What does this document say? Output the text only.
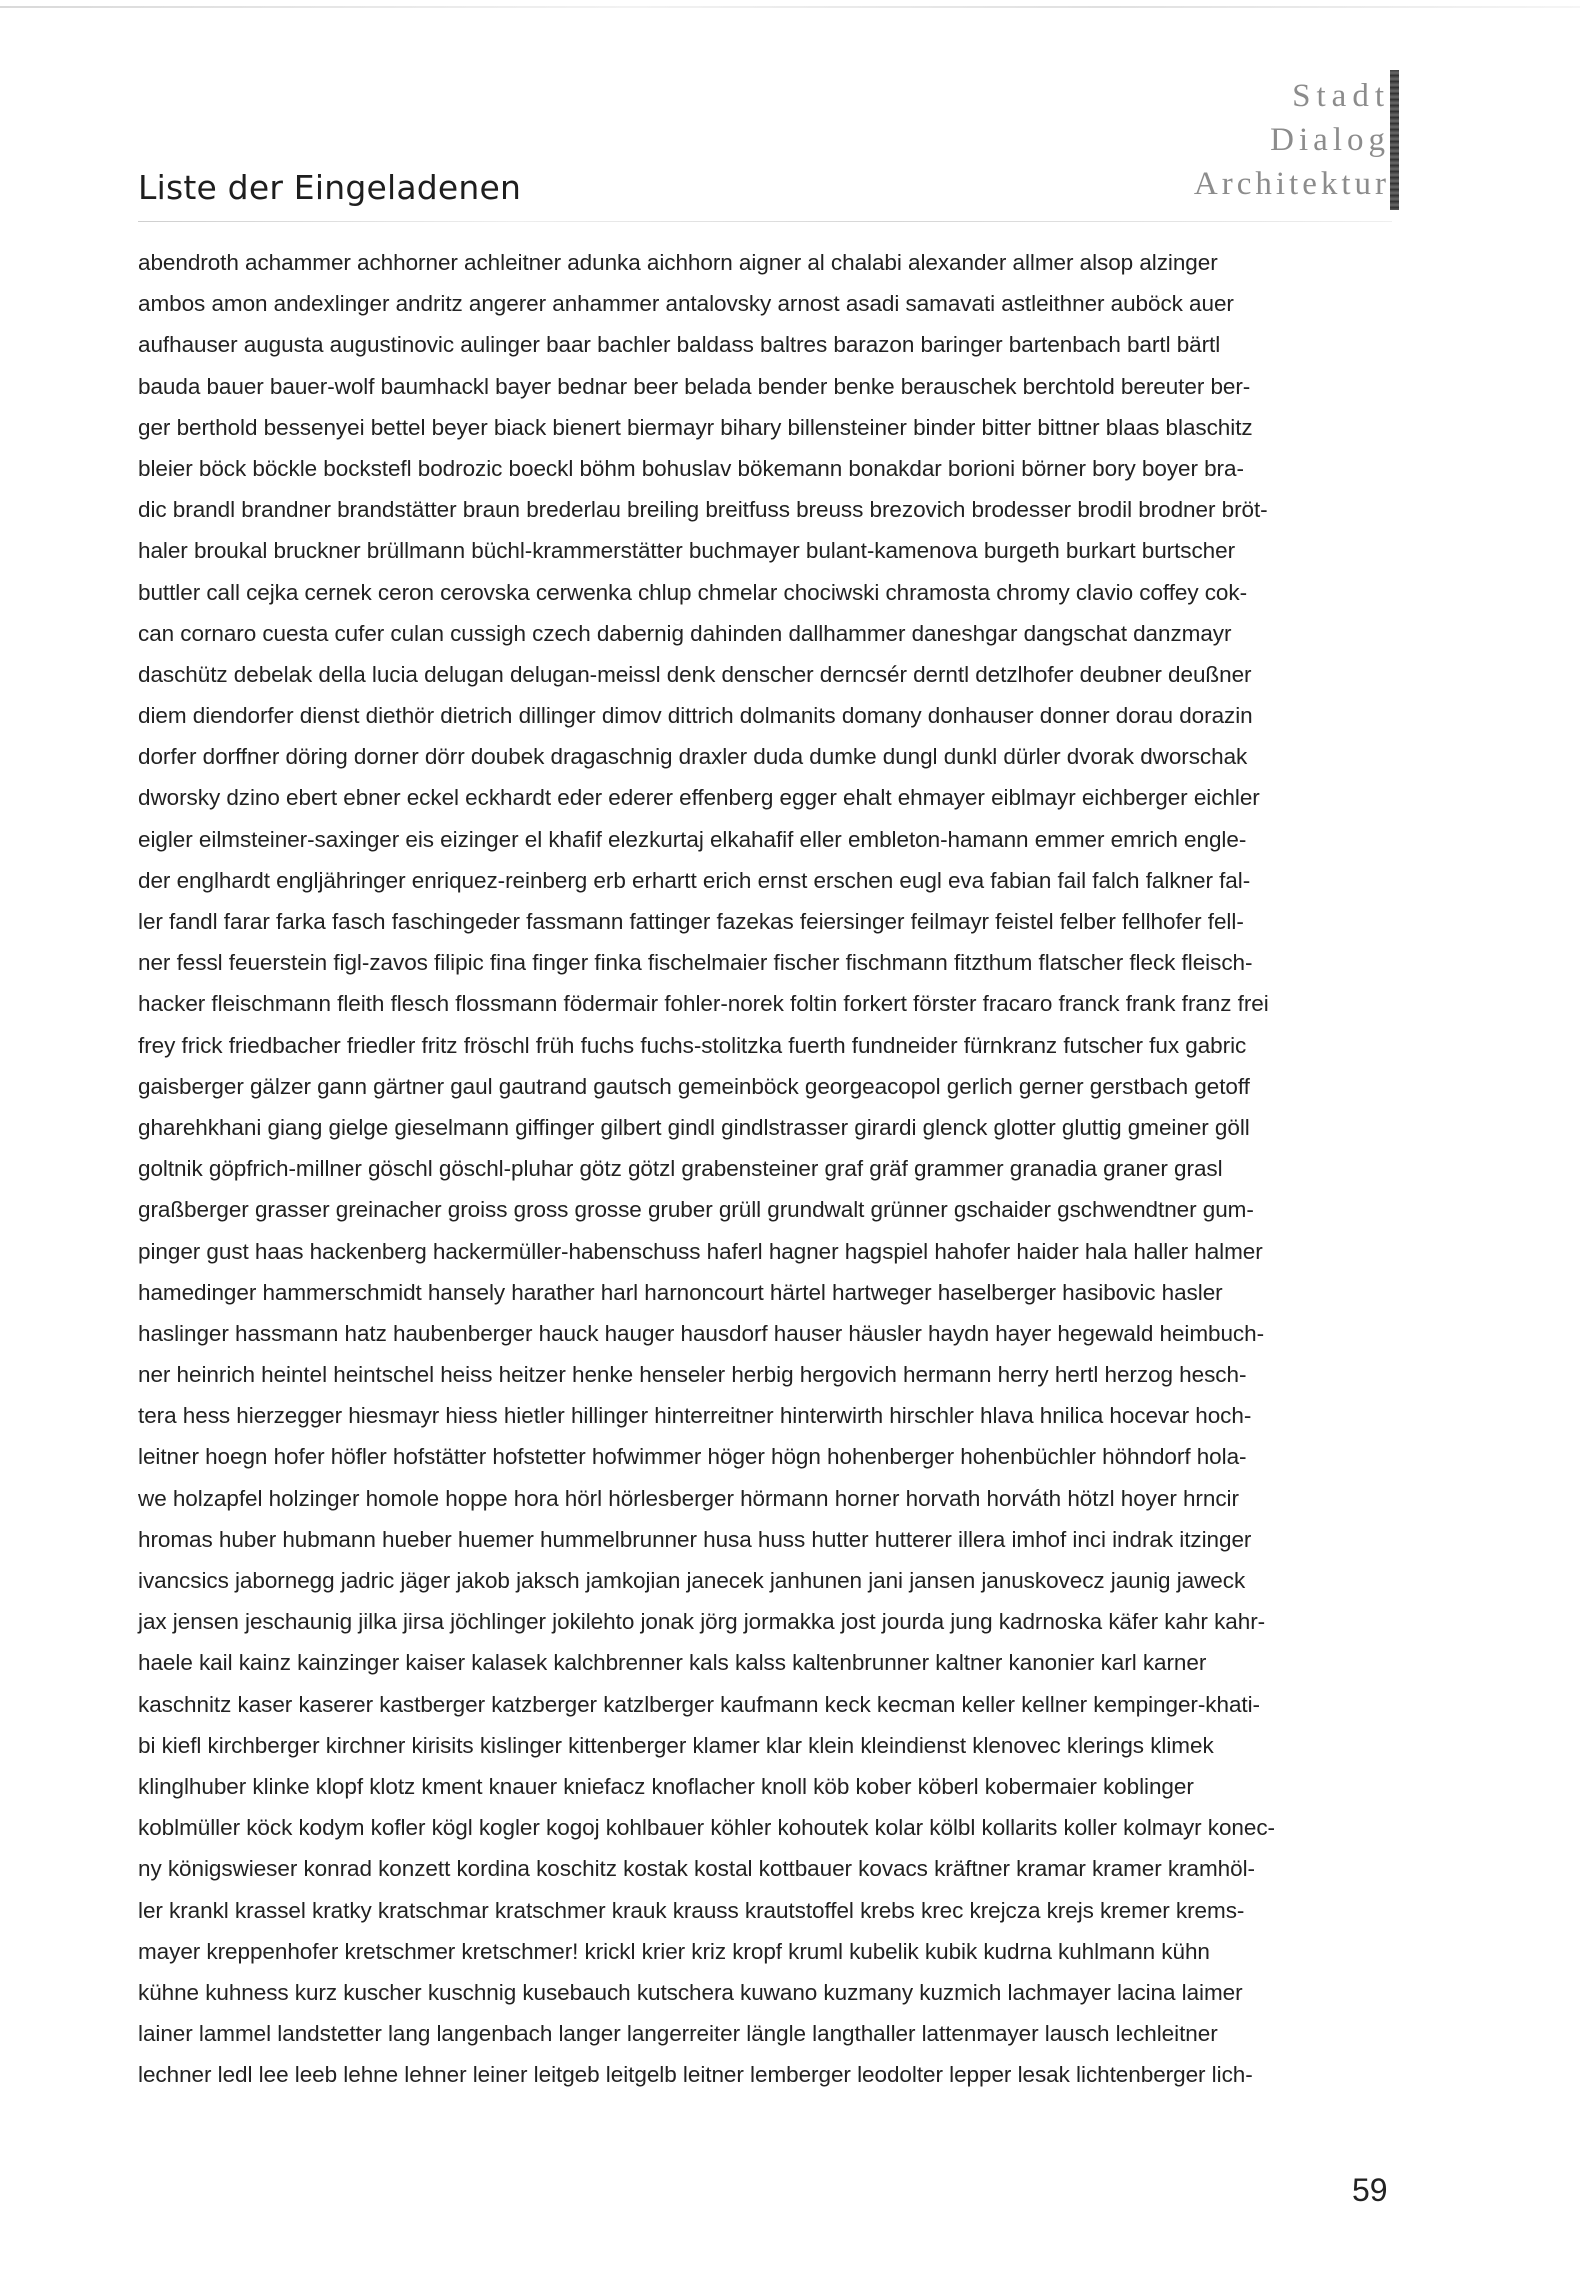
Liste der Eingeladenen
Stadt
Dialog
Architektur
abendroth achammer achhorner achleitner adunka aichhorn aigner al chalabi alexander allmer alsop alzinger
ambos amon andexlinger andritz angerer anhammer antalovsky arnost asadi samavati astleithner auböck auer
aufhauser augusta augustinovic aulinger baar bachler baldass baltres barazon baringer bartenbach bartl bärtl
bauda bauer bauer-wolf baumhackl bayer bednar beer belada bender benke berauschek berchtold bereuter ber-
ger berthold bessenyei bettel beyer biack bienert biermayr bihary billensteiner binder bitter bittner blaas blaschitz
bleier böck böckle bockstefl bodrozic boeckl böhm bohuslav bökemann bonakdar borioni börner bory boyer bra-
dic brandl brandner brandstätter braun brederlau breiling breitfuss breuss brezovich brodesser brodil brodner bröt-
haler broukal bruckner brüllmann büchl-krammerstätter buchmayer bulant-kamenova burgeth burkart burtscher
buttler call cejka cernek ceron cerovska cerwenka chlup chmelar chociwski chramosta chromy clavio coffey cok-
can cornaro cuesta cufer culan cussigh czech dabernig dahinden dallhammer daneshgar dangschat danzmayr
daschütz debelak della lucia delugan delugan-meissl denk denscher derncsér derntl detzlhofer deubner deußner
diem diendorfer dienst diethör dietrich dillinger dimov dittrich dolmanits domany donhauser donner dorau dorazin
dorfer dorffner döring dorner dörr doubek dragaschnig draxler duda dumke dungl dunkl dürler dvorak dworschak
dworsky dzino ebert ebner eckel eckhardt eder ederer effenberg egger ehalt ehmayer eiblmayr eichberger eichler
eigler eilmsteiner-saxinger eis eizinger el khafif elezkurtaj elkahafif eller embleton-hamann emmer emrich engle-
der englhardt engljähringer enriquez-reinberg erb erhartt erich ernst erschen eugl eva fabian fail falch falkner fal-
ler fandl farar farka fasch faschingeder fassmann fattinger fazekas feiersinger feilmayr feistel felber fellhofer fell-
ner fessl feuerstein figl-zavos filipic fina finger finka fischelmaier fischer fischmann fitzthum flatscher fleck fleisch-
hacker fleischmann fleith flesch flossmann födermair fohler-norek foltin forkert förster fracaro franck frank franz frei
frey frick friedbacher friedler fritz fröschl früh fuchs fuchs-stolitzka fuerth fundneider fürnkranz futscher fux gabric
gaisberger gälzer gann gärtner gaul gautrand gautsch gemeinböck georgeacopol gerlich gerner gerstbach getoff
gharehkhani giang gielge gieselmann giffinger gilbert gindl gindlstrasser girardi glenck glotter gluttig gmeiner göll
goltnik göpfrich-millner göschl göschl-pluhar götz götzl grabensteiner graf gräf grammer granadia graner grasl
graßberger grasser greinacher groiss gross grosse gruber grüll grundwalt grünner gschaider gschwendtner gum-
pinger gust haas hackenberg hackermüller-habenschuss haferl hagner hagspiel hahofer haider hala haller halmer
hamedinger hammerschmidt hansely harather harl harnoncourt härtel hartweger haselberger hasibovic hasler
haslinger hassmann hatz haubenberger hauck hauger hausdorf hauser häusler haydn hayer hegewald heimbuch-
ner heinrich heintel heintschel heiss heitzer henke henseler herbig hergovich hermann herry hertl herzog hesch-
tera hess hierzegger hiesmayr hiess hietler hillinger hinterreitner hinterwirth hirschler hlava hnilica hocevar hoch-
leitner hoegn hofer höfler hofstätter hofstetter hofwimmer höger högn hohenberger hohenbüchler höhndorf hola-
we holzapfel holzinger homole hoppe hora hörl hörlesberger hörmann horner horvath horváth hötzl hoyer hrncir
hromas huber hubmann hueber huemer hummelbrunner husa huss hutter hutterer illera imhof inci indrak itzinger
ivancsics jabornegg jadric jäger jakob jaksch jamkojian janecek janhunen jani jansen januskovecz jaunig jaweck
jax jensen jeschaunig jilka jirsa jöchlinger jokilehto jonak jörg jormakka jost jourda jung kadrnoska käfer kahr kahr-
haele kail kainz kainzinger kaiser kalasek kalchbrenner kals kalss kaltenbrunner kaltner kanonier karl karner
kaschnitz kaser kaserer kastberger katzberger katzlberger kaufmann keck kecman keller kellner kempinger-khati-
bi kiefl kirchberger kirchner kirisits kislinger kittenberger klamer klar klein kleindienst klenovec klerings klimek
klinglhuber klinke klopf klotz kment knauer kniefacz knoflacher knoll köb kober köberl kobermaier koblinger
koblmüller köck kodym kofler kögl kogler kogoj kohlbauer köhler kohoutek kolar kölbl kollarits koller kolmayr konec-
ny königswieser konrad konzett kordina koschitz kostak kostal kottbauer kovacs kräftner kramar kramer kramhöl-
ler krankl krassel kratky kratschmar kratschmer krauk krauss krautstoffel krebs krec krejcza krejs kremer krems-
mayer kreppenhofer kretschmer kretschmer! krickl krier kriz kropf kruml kubelik kubik kudrna kuhlmann kühn
kühne kuhness kurz kuscher kuschnig kusebauch kutschera kuwano kuzmany kuzmich lachmayer lacina laimer
lainer lammel landstetter lang langenbach langer langerreiter längle langthaller lattenmayer lausch lechleitner
lechner ledl lee leeb lehne lehner leiner leitgeb leitgelb leitner lemberger leodolter lepper lesak lichtenberger lich-
59
